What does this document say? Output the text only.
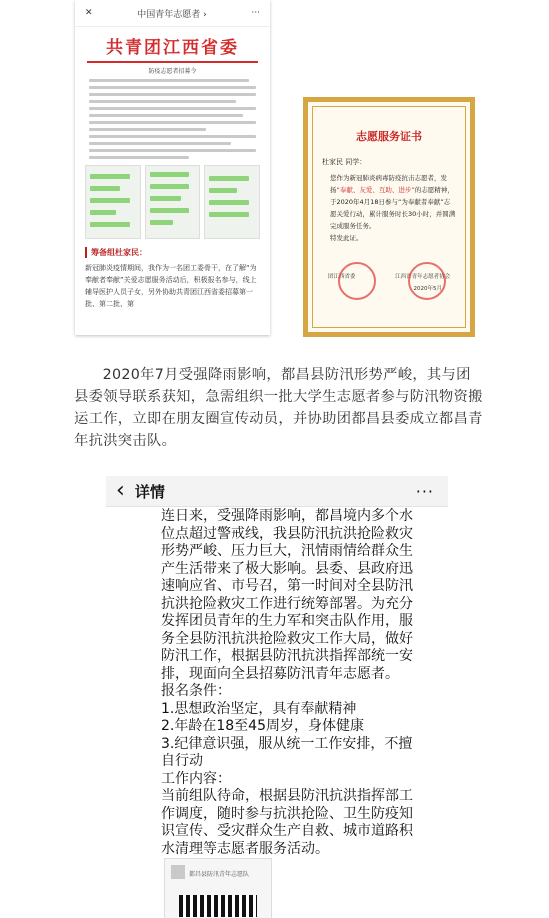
✕	中国青年志愿者 ›	···
共青团江西省委
防疫志愿者招募令
筹备组杜家民：
新冠肺炎疫情期间，我作为一名团工委骨干，在了解“为奉献者奉献”关爱志愿服务活动后，积极报名参与，线上辅导医护人员子女，另外协助共青团江西省委招募第一批、第二批、第
志愿服务证书
杜家民 同学：
您作为新冠肺炎病毒防疫抗击志愿者，发扬“奉献、友爱、互助、进步”的志愿精神，于2020年4月18日参与“为奉献者奉献”志愿关爱行动，累计服务时长30小时，并圆满完成服务任务。
特发此证。
团江西省委	江西省青年志愿者协会
2020年5月

2020年7月受强降雨影响，都昌县防汛形势严峻，其与团县委领导联系获知，急需组织一批大学生志愿者参与防汛物资搬运工作，立即在朋友圈宣传动员，并协助团都昌县委成立都昌青年抗洪突击队。

‹ 详情	···

连日来，受强降雨影响，都昌境内多个水

位点超过警戒线，我县防汛抗洪抢险救灾

形势严峻、压力巨大，汛情雨情给群众生

产生活带来了极大影响。县委、县政府迅

速响应省、市号召，第一时间对全县防汛

抗洪抢险救灾工作进行统筹部署。为充分

发挥团员青年的生力军和突击队作用，服

务全县防汛抗洪抢险救灾工作大局，做好

防汛工作，根据县防汛抗洪指挥部统一安

排，现面向全县招募防汛青年志愿者。

报名条件：

1.思想政治坚定，具有奉献精神

2.年龄在18至45周岁，身体健康

3.纪律意识强，服从统一工作安排，不擅

自行动

工作内容：

当前组队待命，根据县防汛抗洪指挥部工

作调度，随时参与抗洪抢险、卫生防疫知

识宣传、受灾群众生产自救、城市道路积

水清理等志愿者服务活动。

都昌县防汛青年志愿队
